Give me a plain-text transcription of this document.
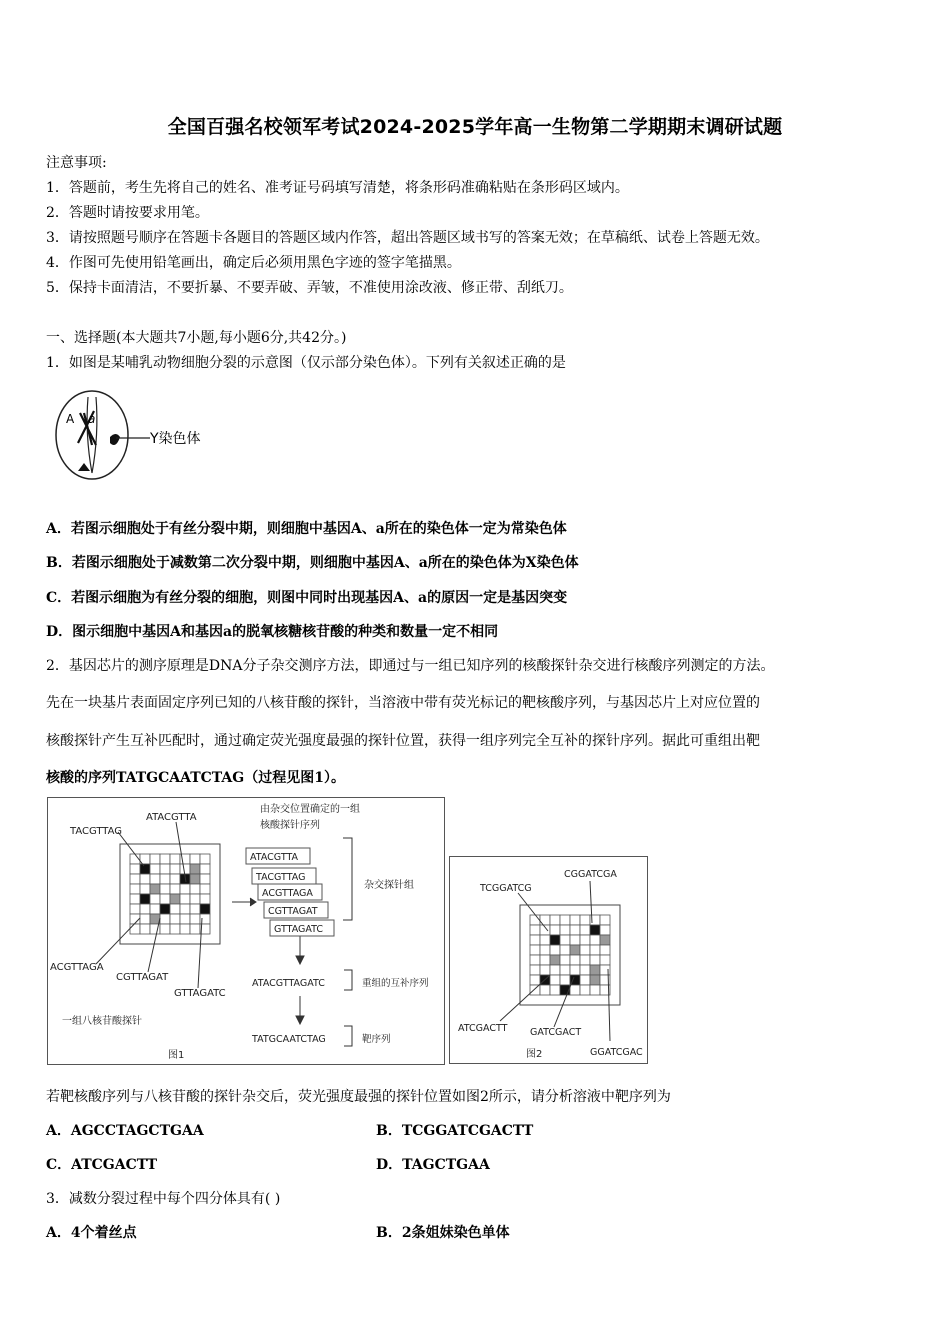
全国百强名校领军考试2024-2025学年高一生物第二学期期末调研试题
注意事项:
1．答题前，考生先将自己的姓名、准考证号码填写清楚，将条形码准确粘贴在条形码区域内。
2．答题时请按要求用笔。
3．请按照题号顺序在答题卡各题目的答题区域内作答，超出答题区域书写的答案无效；在草稿纸、试卷上答题无效。
4．作图可先使用铅笔画出，确定后必须用黑色字迹的签字笔描黑。
5．保持卡面清洁，不要折暴、不要弄破、弄皱，不准使用涂改液、修正带、刮纸刀。
一、选择题(本大题共7小题,每小题6分,共42分。)
1．如图是某哺乳动物细胞分裂的示意图（仅示部分染色体）。下列有关叙述正确的是
A a
Y染色体
A．若图示细胞处于有丝分裂中期，则细胞中基因A、a所在的染色体一定为常染色体
B．若图示细胞处于减数第二次分裂中期，则细胞中基因A、a所在的染色体为X染色体
C．若图示细胞为有丝分裂的细胞，则图中同时出现基因A、a的原因一定是基因突变
D．图示细胞中基因A和基因a的脱氧核糖核苷酸的种类和数量一定不相同
2．基因芯片的测序原理是DNA分子杂交测序方法，即通过与一组已知序列的核酸探针杂交进行核酸序列测定的方法。
先在一块基片表面固定序列已知的八核苷酸的探针，当溶液中带有荧光标记的靶核酸序列，与基因芯片上对应位置的
核酸探针产生互补匹配时，通过确定荧光强度最强的探针位置，获得一组序列完全互补的探针序列。据此可重组出靶
核酸的序列TATGCAATCTAG（过程见图1）。
由杂交位置确定的一组
核酸探针序列
TACGTTAG
ATACGTTA
ACGTTAGA
CGTTAGAT
GTTAGATC
一组八核苷酸探针
图1
ATACGTTA
TACGTTAG
ACGTTAGA
CGTTAGAT
GTTAGATC
杂交探针组
ATACGTTAGATC	重组的互补序列
TATGCAATCTAG	靶序列
TCGGATCG
CGGATCGA
ATCGACTT GATCGACT
GGATCGAC
图2
若靶核酸序列与八核苷酸的探针杂交后，荧光强度最强的探针位置如图2所示，请分析溶液中靶序列为
A．AGCCTAGCTGAA	B．TCGGATCGACTT
C．ATCGACTT	D．TAGCTGAA
3．减数分裂过程中每个四分体具有( )
A．4个着丝点	B．2条姐妹染色单体
